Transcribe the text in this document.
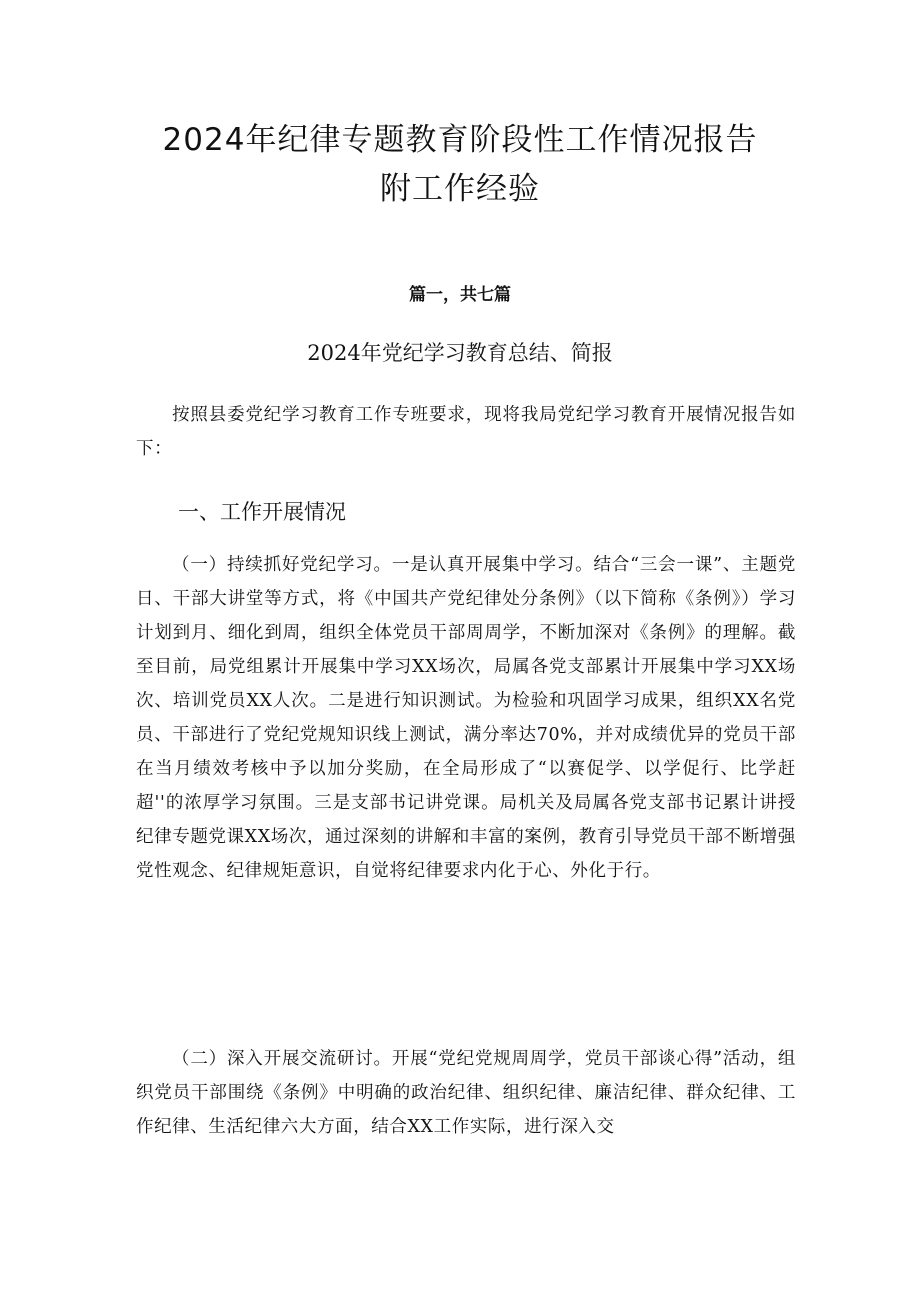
2024年纪律专题教育阶段性工作情况报告
附工作经验

篇一，共七篇

2024年党纪学习教育总结、简报

按照县委党纪学习教育工作专班要求，现将我局党纪学习教育开展情况报告如下：

一、工作开展情况

（一）持续抓好党纪学习。一是认真开展集中学习。结合“三会一课”、主题党日、干部大讲堂等方式，将《中国共产党纪律处分条例》（以下简称《条例》）学习计划到月、细化到周，组织全体党员干部周周学，不断加深对《条例》的理解。截至目前，局党组累计开展集中学习XX场次，局属各党支部累计开展集中学习XX场次、培训党员XX人次。二是进行知识测试。为检验和巩固学习成果，组织XX名党员、干部进行了党纪党规知识线上测试，满分率达70%，并对成绩优异的党员干部在当月绩效考核中予以加分奖励，在全局形成了“以赛促学、以学促行、比学赶超''的浓厚学习氛围。三是支部书记讲党课。局机关及局属各党支部书记累计讲授纪律专题党课XX场次，通过深刻的讲解和丰富的案例，教育引导党员干部不断增强党性观念、纪律规矩意识，自觉将纪律要求内化于心、外化于行。

（二）深入开展交流研讨。开展“党纪党规周周学，党员干部谈心得”活动，组织党员干部围绕《条例》中明确的政治纪律、组织纪律、廉洁纪律、群众纪律、工作纪律、生活纪律六大方面，结合XX工作实际，进行深入交
